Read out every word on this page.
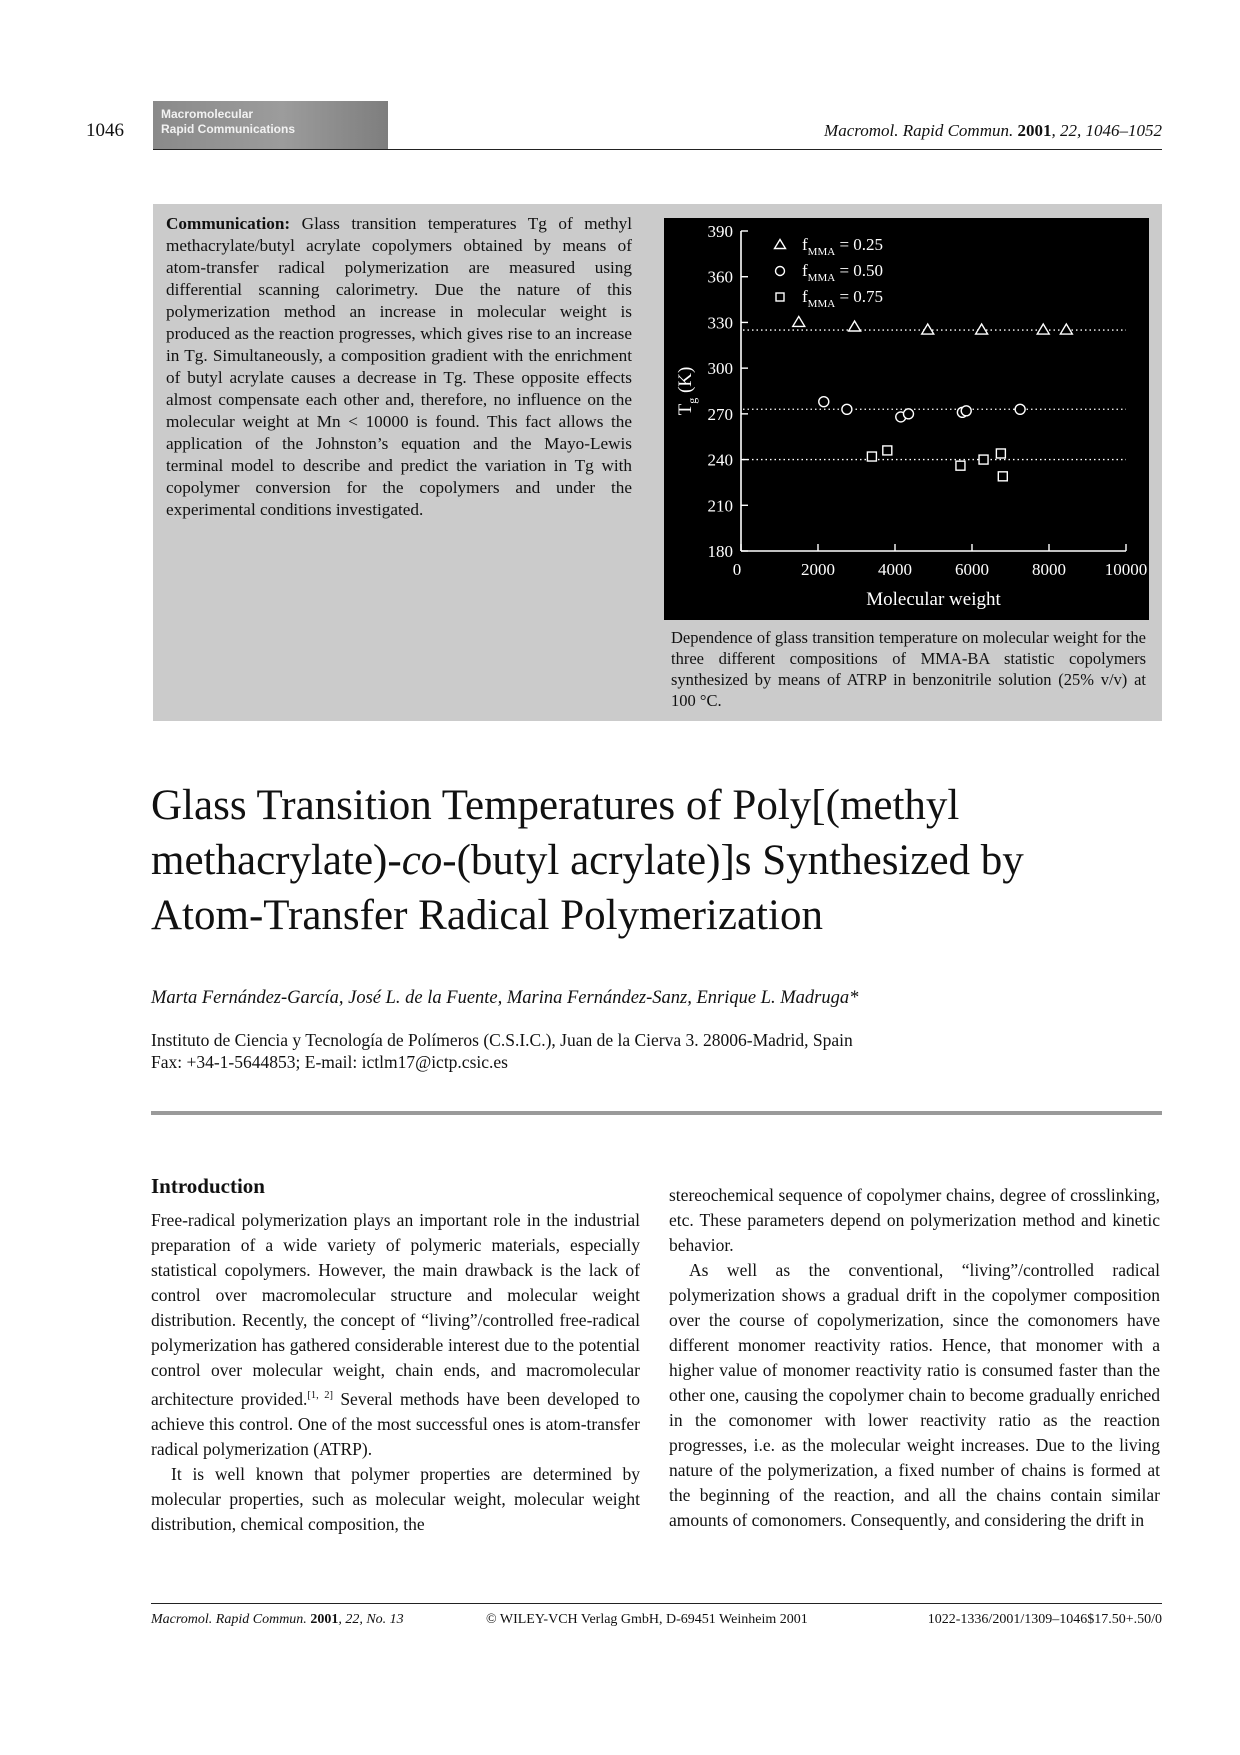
1046
Macromolecular
Rapid Communications	Macromol. Rapid Commun. 2001, 22, 1046–1052
Communication: Glass transition temperatures Tg of methyl methacrylate/butyl acrylate copolymers obtained by means of atom-transfer radical polymerization are measured using differential scanning calorimetry. Due the nature of this polymerization method an increase in molecular weight is produced as the reaction progresses, which gives rise to an increase in Tg. Simultaneously, a composition gradient with the enrichment of butyl acrylate causes a decrease in Tg. These opposite effects almost compensate each other and, therefore, no influence on the molecular weight at Mn < 10000 is found. This fact allows the application of the Johnston’s equation and the Mayo-Lewis terminal model to describe and predict the variation in Tg with copolymer conversion for the copolymers and under the experimental conditions investigated.
180
210
240
270
300
330
360
390
0	2000	4000	6000	8000 10000
Molecular weight
$T_g$ (K)
$f_{MMA} = 0.25$
$f_{MMA} = 0.50$
$f_{MMA} = 0.75$
Dependence of glass transition temperature on molecular weight for the three different compositions of MMA-BA statistic copolymers synthesized by means of ATRP in benzonitrile solution (25% v/v) at 100 °C.
Glass Transition Temperatures of Poly[(methyl
methacrylate)-co-(butyl acrylate)]s Synthesized by
Atom-Transfer Radical Polymerization
Marta Fernández-García, José L. de la Fuente, Marina Fernández-Sanz, Enrique L. Madruga*
Instituto de Ciencia y Tecnología de Polímeros (C.S.I.C.), Juan de la Cierva 3. 28006-Madrid, Spain
Fax: +34-1-5644853; E-mail: ictlm17@ictp.csic.es
Introduction

Free-radical polymerization plays an important role in the industrial preparation of a wide variety of polymeric materials, especially statistical copolymers. However, the main drawback is the lack of control over macromolecular structure and molecular weight distribution. Recently, the concept of “living”/controlled free-radical polymerization has gathered considerable interest due to the potential control over molecular weight, chain ends, and macromolecular architecture provided.[1, 2] Several methods have been developed to achieve this control. One of the most successful ones is atom-transfer radical polymerization (ATRP).

It is well known that polymer properties are determined by molecular properties, such as molecular weight, molecular weight distribution, chemical composition, the

stereochemical sequence of copolymer chains, degree of crosslinking, etc. These parameters depend on polymerization method and kinetic behavior.

As well as the conventional, “living”/controlled radical polymerization shows a gradual drift in the copolymer composition over the course of copolymerization, since the comonomers have different monomer reactivity ratios. Hence, that monomer with a higher value of monomer reactivity ratio is consumed faster than the other one, causing the copolymer chain to become gradually enriched in the comonomer with lower reactivity ratio as the reaction progresses, i.e. as the molecular weight increases. Due to the living nature of the polymerization, a fixed number of chains is formed at the beginning of the reaction, and all the chains contain similar amounts of comonomers. Consequently, and considering the drift in

Macromol. Rapid Commun. 2001, 22, No. 13	© WILEY-VCH Verlag GmbH, D-69451 Weinheim 2001	1022-1336/2001/1309–1046$17.50+.50/0
